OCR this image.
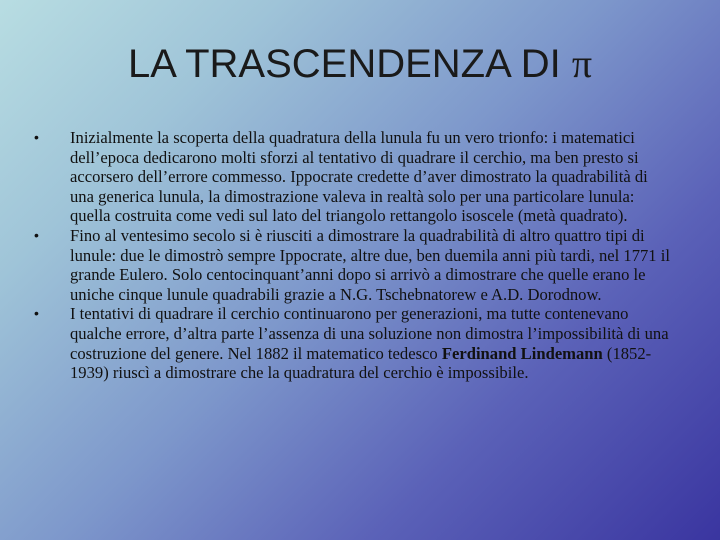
LA TRASCENDENZA DI π
•	Inizialmente la scoperta della quadratura della lunula fu un vero trionfo: i matematici dell’epoca dedicarono molti sforzi al tentativo di quadrare il cerchio, ma ben presto si accorsero dell’errore commesso. Ippocrate credette d’aver dimostrato la quadrabilità di una generica lunula, la dimostrazione valeva in realtà solo per una particolare lunula: quella costruita come vedi sul lato del triangolo rettangolo isoscele (metà quadrato).
•	Fino al ventesimo secolo si è riusciti a dimostrare la quadrabilità di altro quattro tipi di lunule: due le dimostrò sempre Ippocrate, altre due, ben duemila anni più tardi, nel 1771 il grande Eulero. Solo centocinquant’anni dopo si arrivò a dimostrare che quelle erano le uniche cinque lunule quadrabili grazie a N.G. Tschebnatorew e A.D. Dorodnow.
•	I tentativi di quadrare il cerchio continuarono per generazioni, ma tutte contenevano qualche errore, d’altra parte l’assenza di una soluzione non dimostra l’impossibilità di una costruzione del genere. Nel 1882 il matematico tedesco Ferdinand Lindemann (1852-1939) riuscì a dimostrare che la quadratura del cerchio è impossibile.
